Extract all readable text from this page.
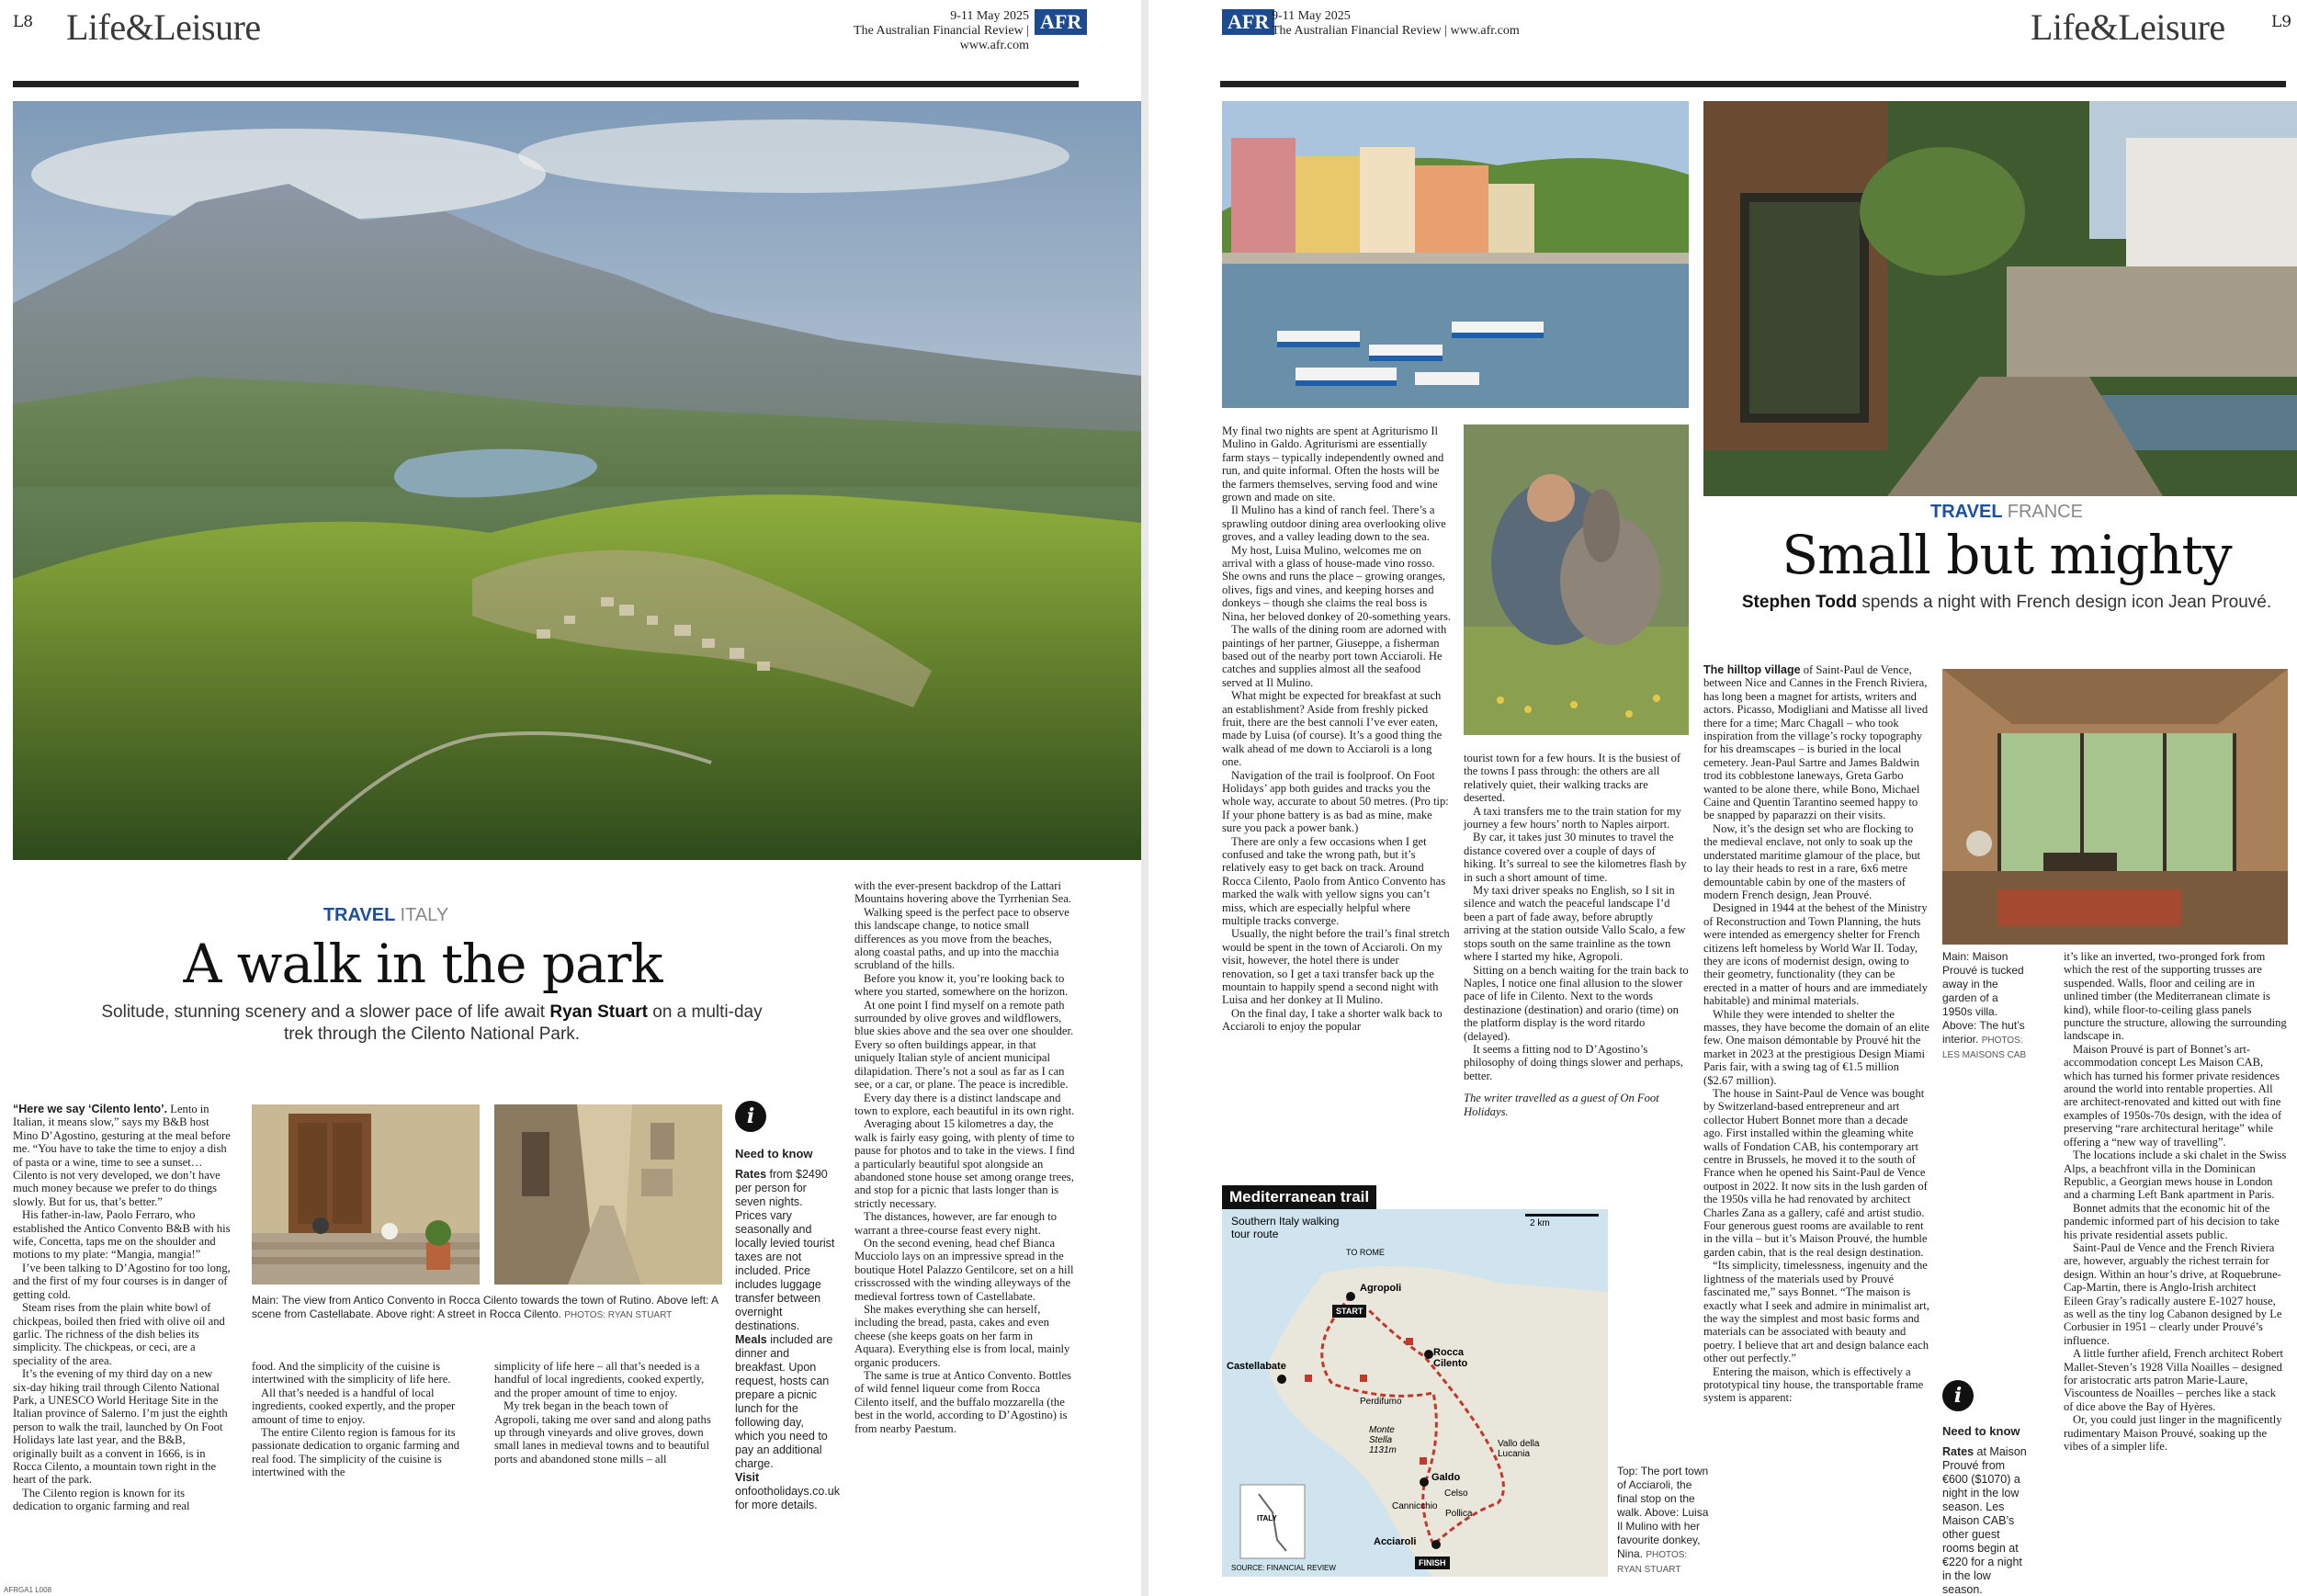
L8 Life&Leisure	9-11 May 2025
The Australian Financial Review | www.afr.com
AFR
TRAVEL ITALY
A walk in the park
Solitude, stunning scenery and a slower pace of life await Ryan Stuart on a multi-day trek through the Cilento National Park.

“Here we say ‘Cilento lento’. Lento in Italian, it means slow,” says my B&B host Mino D’Agostino, gesturing at the meal before me. “You have to take the time to enjoy a dish of pasta or a wine, time to see a sunset… Cilento is not very developed, we don’t have much money because we prefer to do things slowly. But for us, that’s better.”

His father-in-law, Paolo Ferraro, who established the Antico Convento B&B with his wife, Concetta, taps me on the shoulder and motions to my plate: “Mangia, mangia!”

I’ve been talking to D’Agostino for too long, and the first of my four courses is in danger of getting cold.

Steam rises from the plain white bowl of chickpeas, boiled then fried with olive oil and garlic. The richness of the dish belies its simplicity. The chickpeas, or ceci, are a speciality of the area.

It’s the evening of my third day on a new six-day hiking trail through Cilento National Park, a UNESCO World Heritage Site in the Italian province of Salerno. I’m just the eighth person to walk the trail, launched by On Foot Holidays late last year, and the B&B, originally built as a convent in 1666, is in Rocca Cilento, a mountain town right in the heart of the park.

The Cilento region is known for its dedication to organic farming and real

Main: The view from Antico Convento in Rocca Cilento towards the town of Rutino. Above left: A scene from Castellabate. Above right: A street in Rocca Cilento. PHOTOS: RYAN STUART

food. And the simplicity of the cuisine is intertwined with the simplicity of life here.

All that’s needed is a handful of local ingredients, cooked expertly, and the proper amount of time to enjoy.

The entire Cilento region is famous for its passionate dedication to organic farming and real food. The simplicity of the cuisine is intertwined with the

simplicity of life here – all that’s needed is a handful of local ingredients, cooked expertly, and the proper amount of time to enjoy.

My trek began in the beach town of Agropoli, taking me over sand and along paths up through vineyards and olive groves, down small lanes in medieval towns and to beautiful ports and abandoned stone mills – all

i
Need to know

Rates from $2490 per person for seven nights. Prices vary seasonally and locally levied tourist taxes are not included. Price includes luggage transfer between overnight destinations.

Meals included are dinner and breakfast. Upon request, hosts can prepare a picnic lunch for the following day, which you need to pay an additional charge.

Visit onfootholidays.co.uk for more details.

with the ever-present backdrop of the Lattari Mountains hovering above the Tyrrhenian Sea.

Walking speed is the perfect pace to observe this landscape change, to notice small differences as you move from the beaches, along coastal paths, and up into the macchia scrubland of the hills.

Before you know it, you’re looking back to where you started, somewhere on the horizon.

At one point I find myself on a remote path surrounded by olive groves and wildflowers, blue skies above and the sea over one shoulder. Every so often buildings appear, in that uniquely Italian style of ancient municipal dilapidation. There’s not a soul as far as I can see, or a car, or plane. The peace is incredible.

Every day there is a distinct landscape and town to explore, each beautiful in its own right.

Averaging about 15 kilometres a day, the walk is fairly easy going, with plenty of time to pause for photos and to take in the views. I find a particularly beautiful spot alongside an abandoned stone house set among orange trees, and stop for a picnic that lasts longer than is strictly necessary.

The distances, however, are far enough to warrant a three-course feast every night.

On the second evening, head chef Bianca Mucciolo lays on an impressive spread in the boutique Hotel Palazzo Gentilcore, set on a hill crisscrossed with the winding alleyways of the medieval fortress town of Castellabate.

She makes everything she can herself, including the bread, pasta, cakes and even cheese (she keeps goats on her farm in Aquara). Everything else is from local, mainly organic producers.

The same is true at Antico Convento. Bottles of wild fennel liqueur come from Rocca Cilento itself, and the buffalo mozzarella (the best in the world, according to D’Agostino) is from nearby Paestum.

AFRGA1 L008
AFR 9-11 May 2025
The Australian Financial Review | www.afr.com	Life&Leisure	L9

My final two nights are spent at Agriturismo Il Mulino in Galdo. Agriturismi are essentially farm stays – typically independently owned and run, and quite informal. Often the hosts will be the farmers themselves, serving food and wine grown and made on site.

Il Mulino has a kind of ranch feel. There’s a sprawling outdoor dining area overlooking olive groves, and a valley leading down to the sea.

My host, Luisa Mulino, welcomes me on arrival with a glass of house-made vino rosso. She owns and runs the place – growing oranges, olives, figs and vines, and keeping horses and donkeys – though she claims the real boss is Nina, her beloved donkey of 20-something years.

The walls of the dining room are adorned with paintings of her partner, Giuseppe, a fisherman based out of the nearby port town Acciaroli. He catches and supplies almost all the seafood served at Il Mulino.

What might be expected for breakfast at such an establishment? Aside from freshly picked fruit, there are the best cannoli I’ve ever eaten, made by Luisa (of course). It’s a good thing the walk ahead of me down to Acciaroli is a long one.

Navigation of the trail is foolproof. On Foot Holidays’ app both guides and tracks you the whole way, accurate to about 50 metres. (Pro tip: If your phone battery is as bad as mine, make sure you pack a power bank.)

There are only a few occasions when I get confused and take the wrong path, but it’s relatively easy to get back on track. Around Rocca Cilento, Paolo from Antico Convento has marked the walk with yellow signs you can’t miss, which are especially helpful where multiple tracks converge.

Usually, the night before the trail’s final stretch would be spent in the town of Acciaroli. On my visit, however, the hotel there is under renovation, so I get a taxi transfer back up the mountain to happily spend a second night with Luisa and her donkey at Il Mulino.

On the final day, I take a shorter walk back to Acciaroli to enjoy the popular

tourist town for a few hours. It is the busiest of the towns I pass through: the others are all relatively quiet, their walking tracks are deserted.

A taxi transfers me to the train station for my journey a few hours’ north to Naples airport.

By car, it takes just 30 minutes to travel the distance covered over a couple of days of hiking. It’s surreal to see the kilometres flash by in such a short amount of time.

My taxi driver speaks no English, so I sit in silence and watch the peaceful landscape I’d been a part of fade away, before abruptly arriving at the station outside Vallo Scalo, a few stops south on the same trainline as the town where I started my hike, Agropoli.

Sitting on a bench waiting for the train back to Naples, I notice one final allusion to the slower pace of life in Cilento. Next to the words destinazione (destination) and orario (time) on the platform display is the word ritardo (delayed).

It seems a fitting nod to D’Agostino’s philosophy of doing things slower and perhaps, better.

The writer travelled as a guest of On Foot Holidays.

Mediterranean trail
Southern Italy walking tour route
2 km
TO ROME
Agropoli
Rocca Cilento
Castellabate
Perdifumo
Monte Stella 1131m
Vallo della Lucania
Galdo
Celso
Cannicchio
Pollica
Acciaroli
START
FINISH
ITALY
SOURCE: FINANCIAL REVIEW
Top: The port town of Acciaroli, the final stop on the walk. Above: Luisa Il Mulino with her favourite donkey, Nina. PHOTOS: RYAN STUART
TRAVEL FRANCE
Small but mighty
Stephen Todd spends a night with French design icon Jean Prouvé.

The hilltop village of Saint-Paul de Vence, between Nice and Cannes in the French Riviera, has long been a magnet for artists, writers and actors. Picasso, Modigliani and Matisse all lived there for a time; Marc Chagall – who took inspiration from the village’s rocky topography for his dreamscapes – is buried in the local cemetery. Jean-Paul Sartre and James Baldwin trod its cobblestone laneways, Greta Garbo wanted to be alone there, while Bono, Michael Caine and Quentin Tarantino seemed happy to be snapped by paparazzi on their visits.

Now, it’s the design set who are flocking to the medieval enclave, not only to soak up the understated maritime glamour of the place, but to lay their heads to rest in a rare, 6x6 metre demountable cabin by one of the masters of modern French design, Jean Prouvé.

Designed in 1944 at the behest of the Ministry of Reconstruction and Town Planning, the huts were intended as emergency shelter for French citizens left homeless by World War II. Today, they are icons of modernist design, owing to their geometry, functionality (they can be erected in a matter of hours and are immediately habitable) and minimal materials.

While they were intended to shelter the masses, they have become the domain of an elite few. One maison démontable by Prouvé hit the market in 2023 at the prestigious Design Miami Paris fair, with a swing tag of €1.5 million ($2.67 million).

The house in Saint-Paul de Vence was bought by Switzerland-based entrepreneur and art collector Hubert Bonnet more than a decade ago. First installed within the gleaming white walls of Fondation CAB, his contemporary art centre in Brussels, he moved it to the south of France when he opened his Saint-Paul de Vence outpost in 2022. It now sits in the lush garden of the 1950s villa he had renovated by architect Charles Zana as a gallery, café and artist studio. Four generous guest rooms are available to rent in the villa – but it’s Maison Prouvé, the humble garden cabin, that is the real design destination.

“Its simplicity, timelessness, ingenuity and the lightness of the materials used by Prouvé fascinated me,” says Bonnet. “The maison is exactly what I seek and admire in minimalist art, the way the simplest and most basic forms and materials can be associated with beauty and poetry. I believe that art and design balance each other out perfectly.”

Entering the maison, which is effectively a prototypical tiny house, the transportable frame system is apparent:

Main: Maison Prouvé is tucked away in the garden of a 1950s villa. Above: The hut’s interior. PHOTOS: LES MAISONS CAB
i
Need to know

Rates at Maison Prouvé from €600 ($1070) a night in the low season. Les Maison CAB’s other guest rooms begin at €220 for a night in the low season.

it’s like an inverted, two-pronged fork from which the rest of the supporting trusses are suspended. Walls, floor and ceiling are in unlined timber (the Mediterranean climate is kind), while floor-to-ceiling glass panels puncture the structure, allowing the surrounding landscape in.

Maison Prouvé is part of Bonnet’s art-accommodation concept Les Maison CAB, which has turned his former private residences around the world into rentable properties. All are architect-renovated and kitted out with fine examples of 1950s-70s design, with the idea of preserving “rare architectural heritage” while offering a “new way of travelling”.

The locations include a ski chalet in the Swiss Alps, a beachfront villa in the Dominican Republic, a Georgian mews house in London and a charming Left Bank apartment in Paris.

Bonnet admits that the economic hit of the pandemic informed part of his decision to take his private residential assets public.

Saint-Paul de Vence and the French Riviera are, however, arguably the richest terrain for design. Within an hour’s drive, at Roquebrune-Cap-Martin, there is Anglo-Irish architect Eileen Gray’s radically austere E-1027 house, as well as the tiny log Cabanon designed by Le Corbusier in 1951 – clearly under Prouvé’s influence.

A little further afield, French architect Robert Mallet-Steven’s 1928 Villa Noailles – designed for aristocratic arts patron Marie-Laure, Viscountess de Noailles – perches like a stack of dice above the Bay of Hyères.

Or, you could just linger in the magnificently rudimentary Maison Prouvé, soaking up the vibes of a simpler life.
